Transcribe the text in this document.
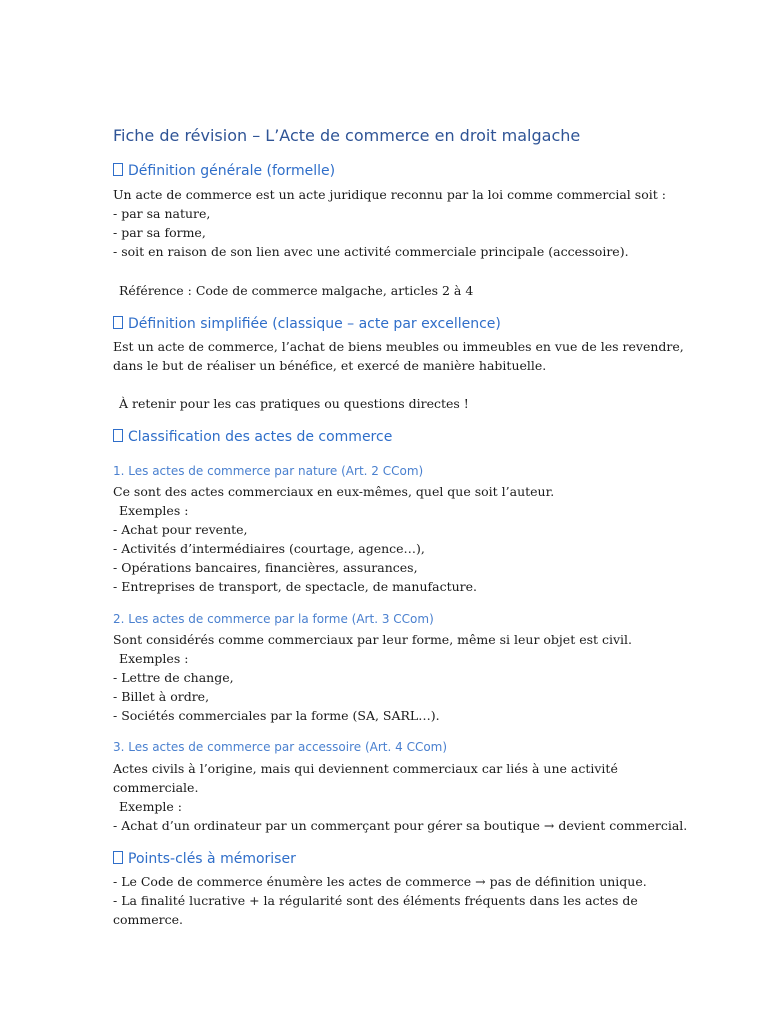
Fiche de révision – L’Acte de commerce en droit malgache
Définition générale (formelle)
Un acte de commerce est un acte juridique reconnu par la loi comme commercial soit :
- par sa nature,
- par sa forme,
- soit en raison de son lien avec une activité commerciale principale (accessoire).
Référence : Code de commerce malgache, articles 2 à 4
Définition simplifiée (classique – acte par excellence)
Est un acte de commerce, l’achat de biens meubles ou immeubles en vue de les revendre,
dans le but de réaliser un bénéfice, et exercé de manière habituelle.
À retenir pour les cas pratiques ou questions directes !
Classification des actes de commerce
1. Les actes de commerce par nature (Art. 2 CCom)
Ce sont des actes commerciaux en eux-mêmes, quel que soit l’auteur.
Exemples :
- Achat pour revente,
- Activités d’intermédiaires (courtage, agence…),
- Opérations bancaires, financières, assurances,
- Entreprises de transport, de spectacle, de manufacture.
2. Les actes de commerce par la forme (Art. 3 CCom)
Sont considérés comme commerciaux par leur forme, même si leur objet est civil.
Exemples :
- Lettre de change,
- Billet à ordre,
- Sociétés commerciales par la forme (SA, SARL…).
3. Les actes de commerce par accessoire (Art. 4 CCom)
Actes civils à l’origine, mais qui deviennent commerciaux car liés à une activité
commerciale.
Exemple :
- Achat d’un ordinateur par un commerçant pour gérer sa boutique → devient commercial.
Points-clés à mémoriser
- Le Code de commerce énumère les actes de commerce → pas de définition unique.
- La finalité lucrative + la régularité sont des éléments fréquents dans les actes de
commerce.
